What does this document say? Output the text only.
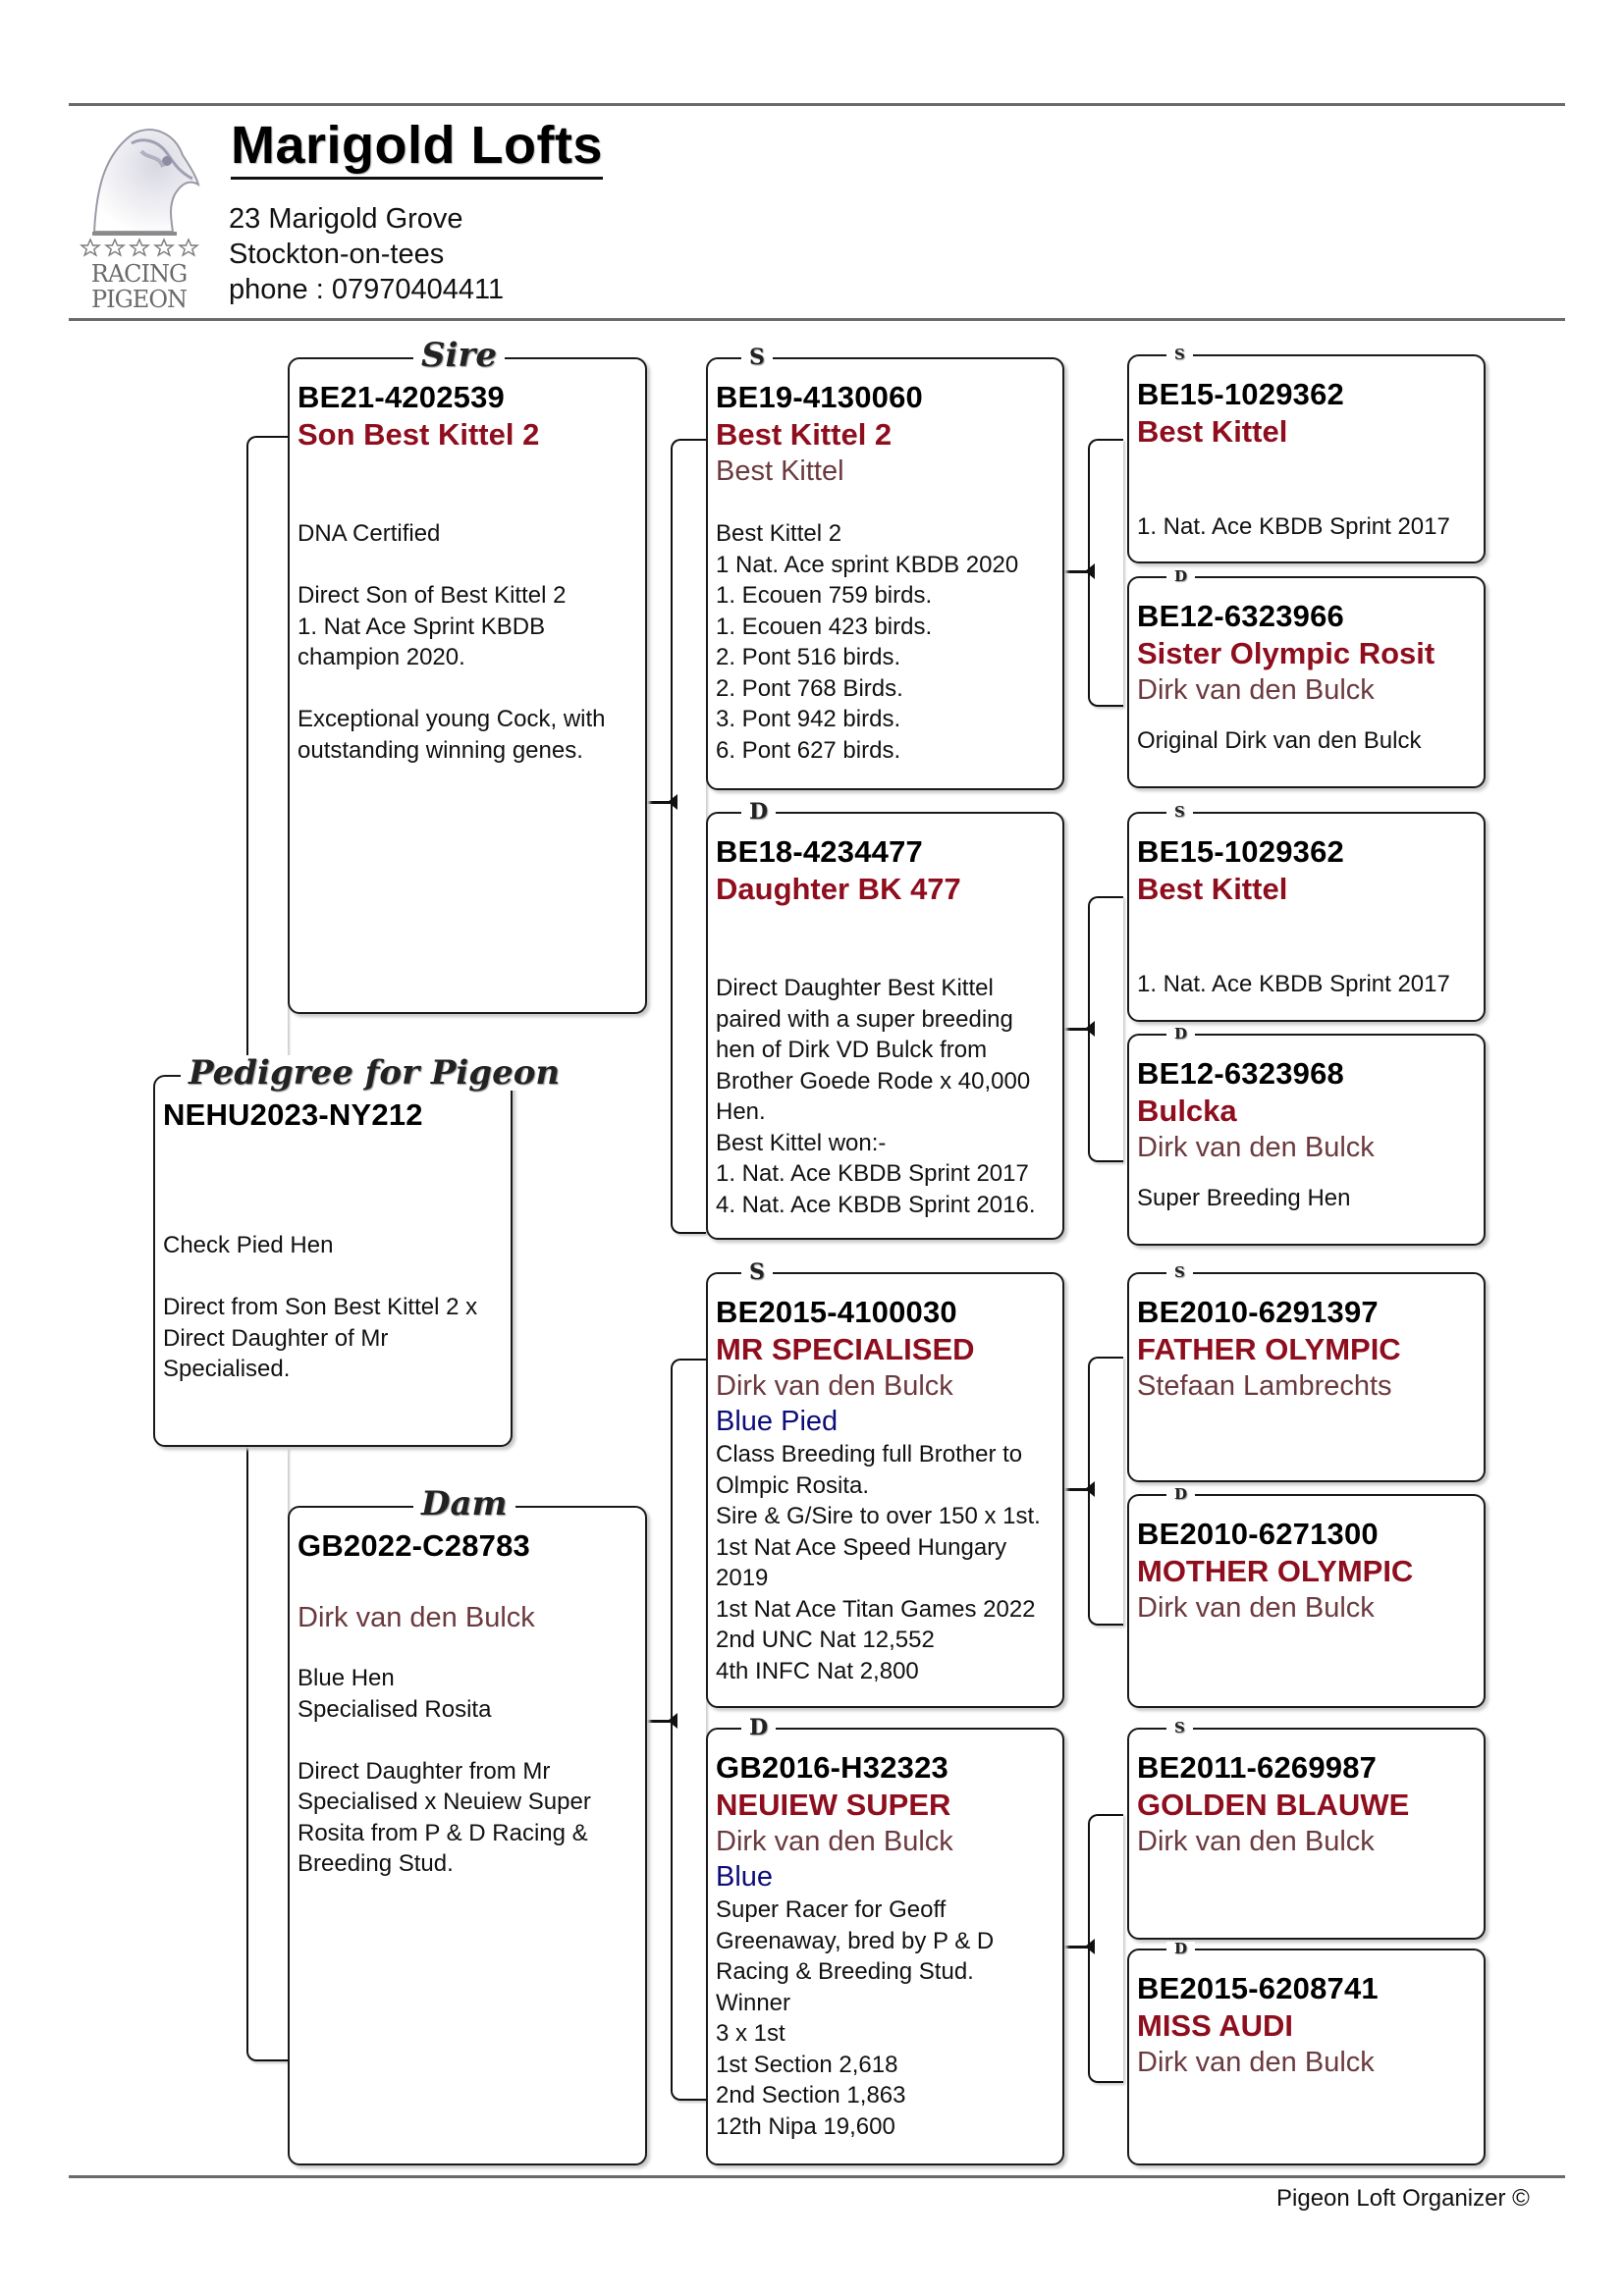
RACING
PIGEON
Marigold Lofts
23 Marigold Grove
Stockton-on-tees
phone : 07970404411
Pedigree for Pigeon
NEHU2023-NY212
Check Pied Hen

Direct from Son Best Kittel 2 x
Direct Daughter of Mr
Specialised.
Sire
BE21-4202539
Son Best Kittel 2
DNA Certified

Direct Son of Best Kittel 2
1. Nat Ace Sprint KBDB
champion 2020.

Exceptional young Cock, with
outstanding winning genes.
Dam
GB2022-C28783
Dirk van den Bulck
Blue Hen
Specialised Rosita

Direct Daughter from Mr
Specialised x Neuiew Super
Rosita from P & D Racing &
Breeding Stud.
S
BE19-4130060
Best Kittel 2
Best Kittel
Best Kittel 2
1 Nat. Ace sprint KBDB 2020
1. Ecouen 759 birds.
1. Ecouen 423 birds.
2. Pont 516 birds.
2. Pont 768 Birds.
3. Pont 942 birds.
6. Pont 627 birds.
D
BE18-4234477
Daughter BK 477
Direct Daughter Best Kittel
paired with a super breeding
hen of Dirk VD Bulck from
Brother Goede Rode x 40,000
Hen.
Best Kittel won:-
1. Nat. Ace KBDB Sprint 2017
4. Nat. Ace KBDB Sprint 2016.
S
BE2015-4100030
MR SPECIALISED
Dirk van den Bulck
Blue Pied
Class Breeding full Brother to
Olmpic Rosita.
Sire & G/Sire to over 150 x 1st.
1st Nat Ace Speed Hungary
2019
1st Nat Ace Titan Games 2022
2nd UNC Nat 12,552
4th INFC Nat 2,800
D
GB2016-H32323
NEUIEW SUPER
Dirk van den Bulck
Blue
Super Racer for Geoff
Greenaway, bred by P & D
Racing & Breeding Stud.
Winner
3 x 1st
1st Section 2,618
2nd Section 1,863
12th Nipa 19,600
S
BE15-1029362
Best Kittel
1. Nat. Ace KBDB Sprint 2017
D
BE12-6323966
Sister Olympic Rosit
Dirk van den Bulck
Original Dirk van den Bulck
S
BE15-1029362
Best Kittel
1. Nat. Ace KBDB Sprint 2017
D
BE12-6323968
Bulcka
Dirk van den Bulck
Super Breeding Hen
S
BE2010-6291397
FATHER OLYMPIC
Stefaan Lambrechts
D
BE2010-6271300
MOTHER OLYMPIC
Dirk van den Bulck
S
BE2011-6269987
GOLDEN BLAUWE
Dirk van den Bulck
D
BE2015-6208741
MISS AUDI
Dirk van den Bulck
Pigeon Loft Organizer ©
